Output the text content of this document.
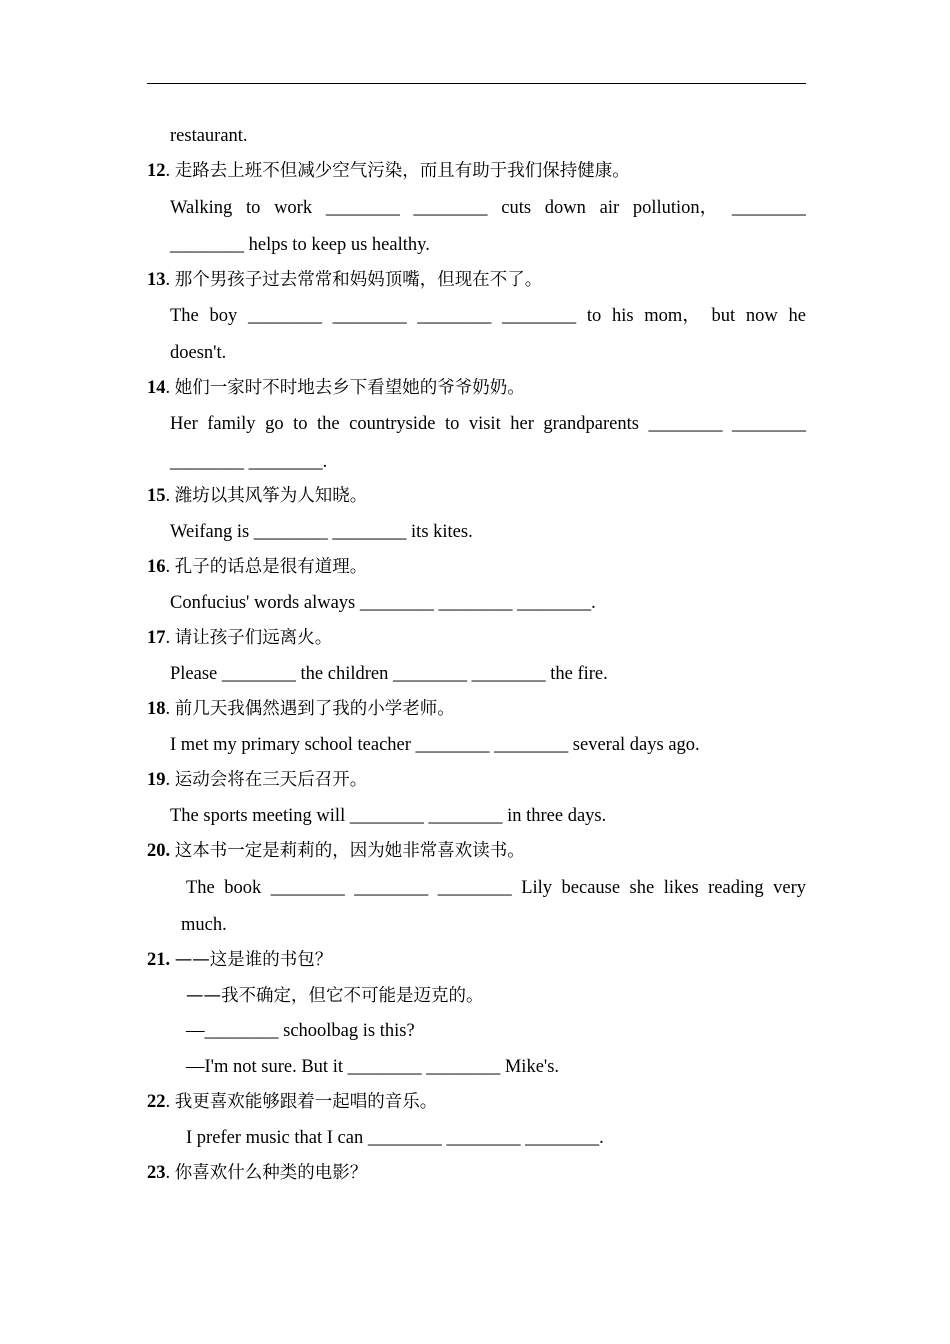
restaurant.
12. 走路去上班不但减少空气污染，而且有助于我们保持健康。
Walking to work ________ ________ cuts down air pollution， ________
________ helps to keep us healthy.
13. 那个男孩子过去常常和妈妈顶嘴，但现在不了。
The boy ________ ________ ________ ________ to his mom， but now he
doesn't.
14. 她们一家时不时地去乡下看望她的爷爷奶奶。
Her family go to the countryside to visit her grandparents ________ ________
________ ________.
15. 潍坊以其风筝为人知晓。
Weifang is ________ ________ its kites.
16. 孔子的话总是很有道理。
Confucius' words always ________ ________ ________.
17. 请让孩子们远离火。
Please ________ the children ________ ________ the fire.
18. 前几天我偶然遇到了我的小学老师。
I met my primary school teacher ________ ________ several days ago.
19. 运动会将在三天后召开。
The sports meeting will ________ ________ in three days.
20. 这本书一定是莉莉的，因为她非常喜欢读书。
The book ________ ________ ________ Lily because she likes reading very
much.
21. ——这是谁的书包？
——我不确定，但它不可能是迈克的。
—________ schoolbag is this?
—I'm not sure. But it ________ ________ Mike's.
22. 我更喜欢能够跟着一起唱的音乐。
I prefer music that I can ________ ________ ________.
23. 你喜欢什么种类的电影？
